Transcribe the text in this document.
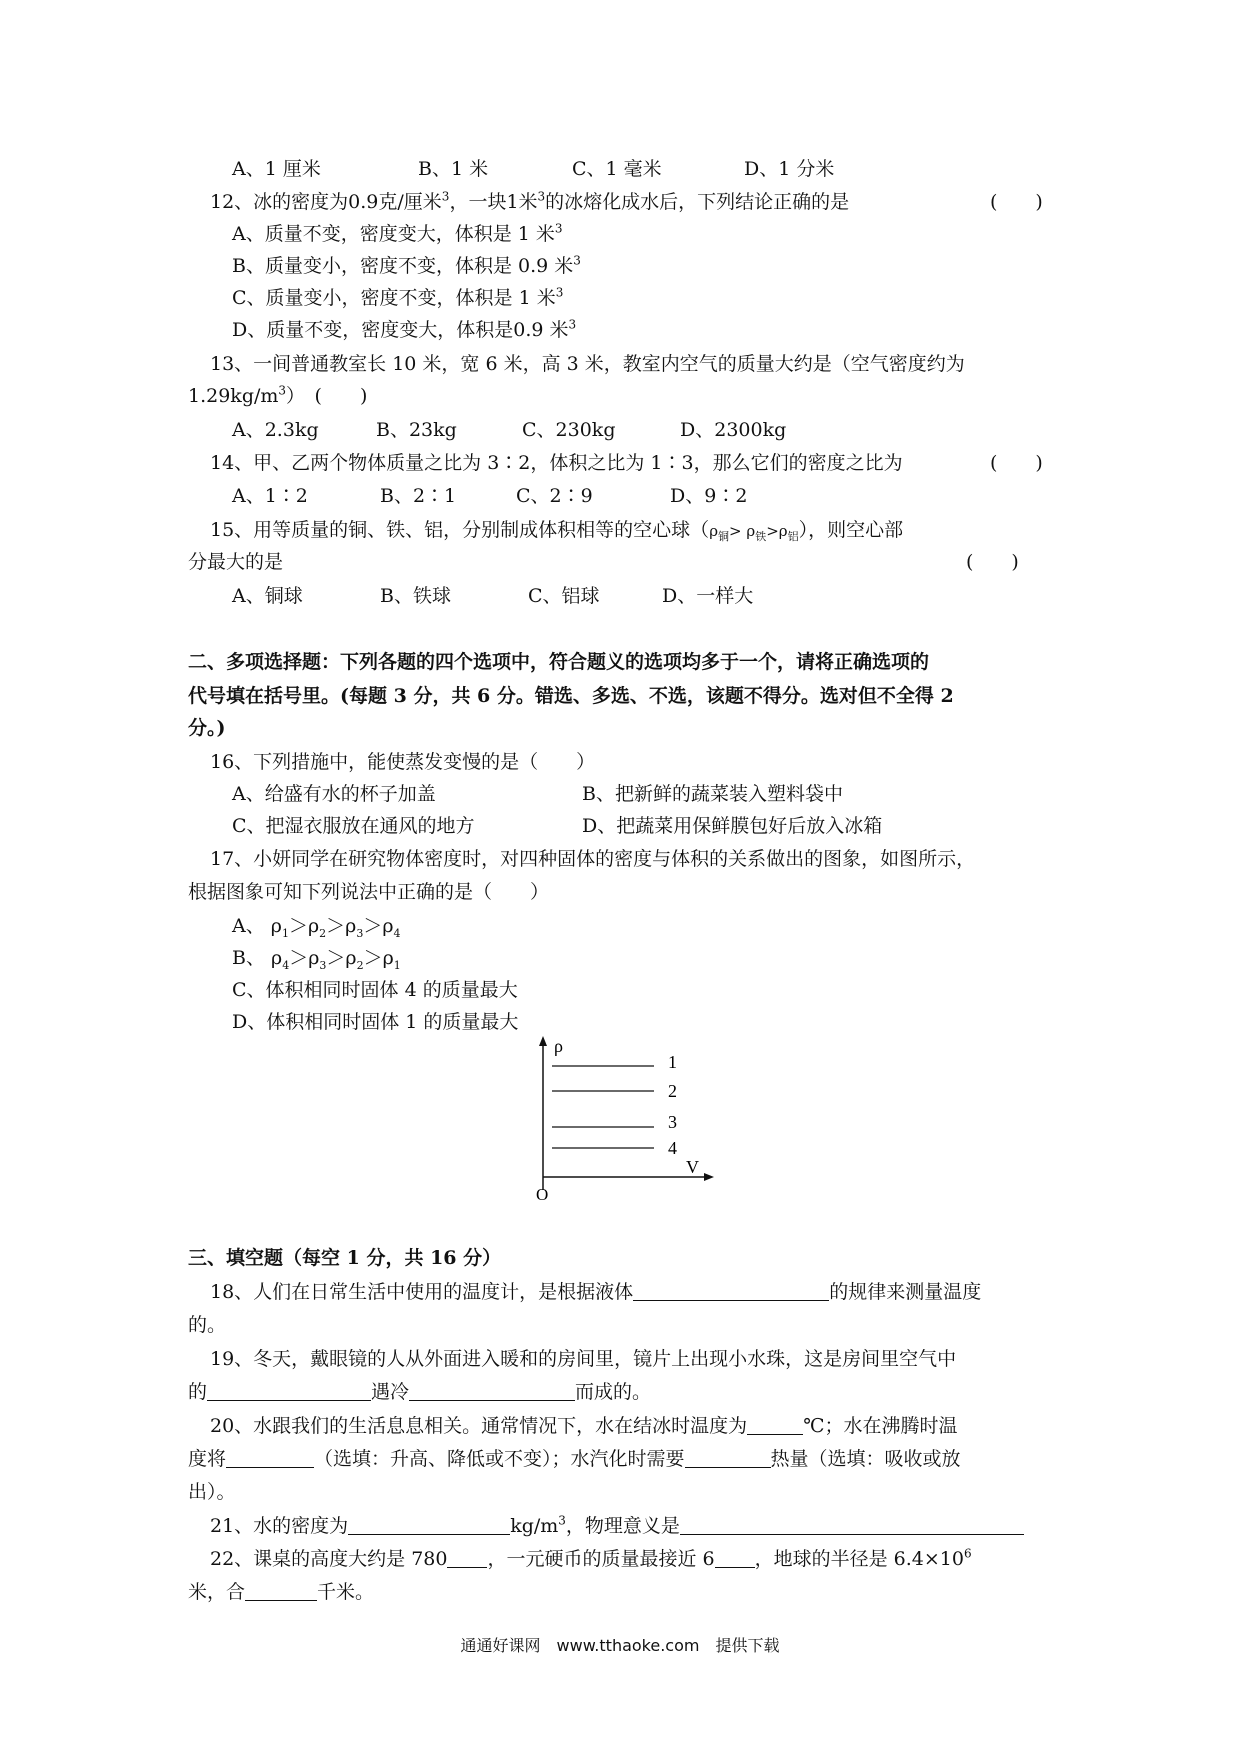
A、1 厘米	B、1 米	C、1 毫米	D、1 分米
12、冰的密度为0.9克/厘米$^3$，一块1米$^3$的冰熔化成水后，下列结论正确的是	(　　)
A、质量不变，密度变大，体积是 1 米$^3$
B、质量变小，密度不变，体积是 0.9 米$^3$
C、质量变小，密度不变，体积是 1 米$^3$
D、质量不变，密度变大，体积是0.9 米$^3$
13、一间普通教室长 10 米，宽 6 米，高 3 米，教室内空气的质量大约是（空气密度约为
$1.29kg/m^3$）　(　　)
A、2.3kg	B、23kg	C、230kg	D、2300kg
14、甲、乙两个物体质量之比为 3∶2，体积之比为 1∶3，那么它们的密度之比为	(　　)
A、1∶2	B、2∶1	C、2∶9	D、9∶2
15、用等质量的铜、铁、铝，分别制成体积相等的空心球$(\rho_铜> \rho_铁>\rho_铝)$，则空心部
分最大的是	(　　)
A、铜球	B、铁球	C、铝球	D、一样大
二、多项选择题：下列各题的四个选项中，符合题义的选项均多于一个，请将正确选项的
代号填在括号里。(每题 3 分，共 6 分。错选、多选、不选，该题不得分。选对但不全得 2
分。)
16、下列措施中，能使蒸发变慢的是（　　）
A、给盛有水的杯子加盖	B、把新鲜的蔬菜装入塑料袋中
C、把湿衣服放在通风的地方	D、把蔬菜用保鲜膜包好后放入冰箱
17、小妍同学在研究物体密度时，对四种固体的密度与体积的关系做出的图象，如图所示，
根据图象可知下列说法中正确的是（　　）
A、 $\rho_1>\rho_2>\rho_3>\rho_4$
B、 $\rho_4>\rho_3>\rho_2>\rho_1$
C、体积相同时固体 4 的质量最大
D、体积相同时固体 1 的质量最大
ρ
V
O
1
2
3
4
三、填空题（每空 1 分，共 16 分）
18、人们在日常生活中使用的温度计，是根据液体	的规律来测量温度
的。
19、冬天，戴眼镜的人从外面进入暖和的房间里，镜片上出现小水珠，这是房间里空气中
的	遇冷	而成的。
20、水跟我们的生活息息相关。通常情况下，水在结冰时温度为	℃；水在沸腾时温
度将	（选填：升高、降低或不变）；水汽化时需要	热量（选填：吸收或放
出）。
21、水的密度为	$kg/m^3$，物理意义是
22、课桌的高度大约是 780 ，一元硬币的质量最接近 6 ，地球的半径是 $6.4\times 10^6$
米，合	千米。
通通好课网　www.tthaoke.com　提供下载
